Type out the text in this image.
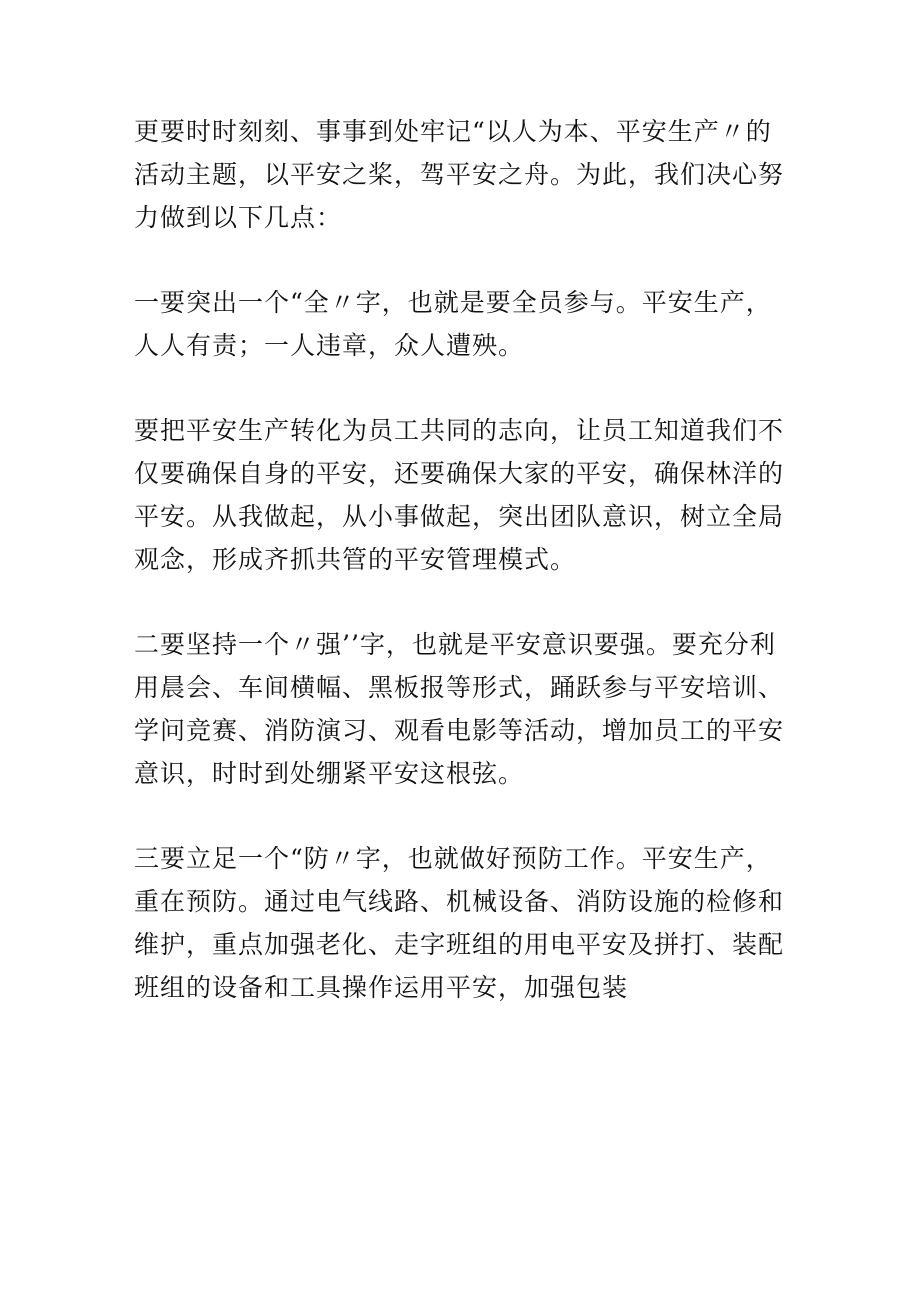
更要时时刻刻、事事到处牢记“以人为本、平安生产〃的活动主题，以平安之桨，驾平安之舟。为此，我们决心努力做到以下几点：

一要突出一个“全〃字，也就是要全员参与。平安生产，人人有责；一人违章，众人遭殃。

要把平安生产转化为员工共同的志向，让员工知道我们不仅要确保自身的平安，还要确保大家的平安，确保林洋的平安。从我做起，从小事做起，突出团队意识，树立全局观念，形成齐抓共管的平安管理模式。

二要坚持一个〃强’’字，也就是平安意识要强。要充分利用晨会、车间横幅、黑板报等形式，踊跃参与平安培训、学问竞赛、消防演习、观看电影等活动，增加员工的平安意识，时时到处绷紧平安这根弦。

三要立足一个“防〃字，也就做好预防工作。平安生产，重在预防。通过电气线路、机械设备、消防设施的检修和维护，重点加强老化、走字班组的用电平安及拼打、装配班组的设备和工具操作运用平安，加强包装
